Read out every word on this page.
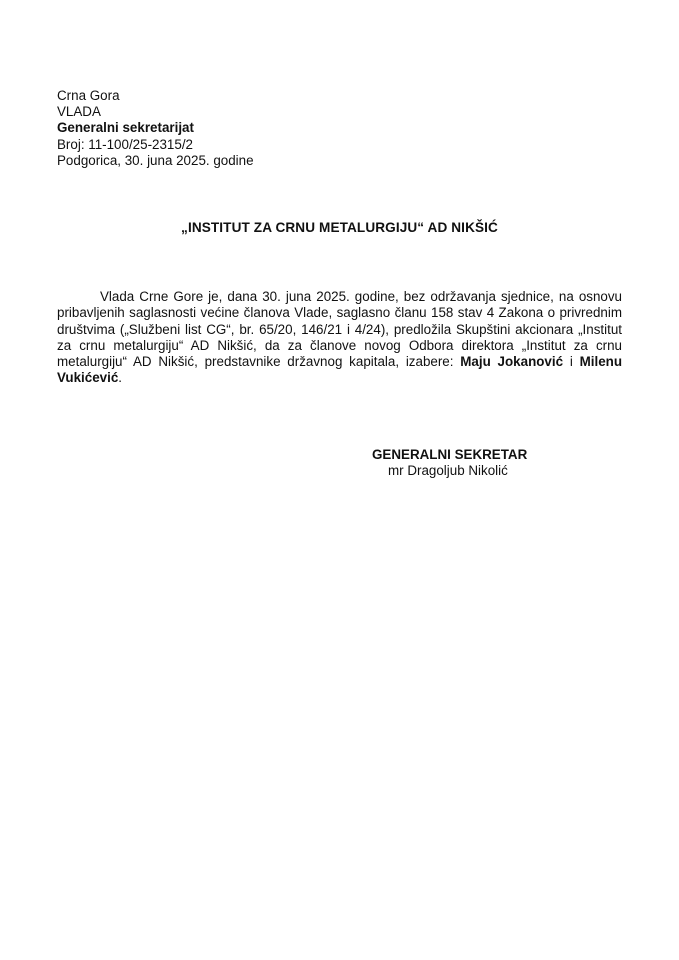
Crna Gora
VLADA
Generalni sekretarijat
Broj: 11-100/25-2315/2
Podgorica, 30. juna 2025. godine
„INSTITUT ZA CRNU METALURGIJU“ AD NIKŠIĆ

Vlada Crne Gore je, dana 30. juna 2025. godine, bez održavanja sjednice, na osnovu pribavljenih saglasnosti većine članova Vlade, saglasno članu 158 stav 4 Zakona o privrednim društvima („Službeni list CG“, br. 65/20, 146/21 i 4/24), predložila Skupštini akcionara „Institut za crnu metalurgiju“ AD Nikšić, da za članove novog Odbora direktora „Institut za crnu metalurgiju“ AD Nikšić, predstavnike državnog kapitala, izabere: Maju Jokanović i Milenu Vukićević.

GENERALNI SEKRETAR
mr Dragoljub Nikolić
